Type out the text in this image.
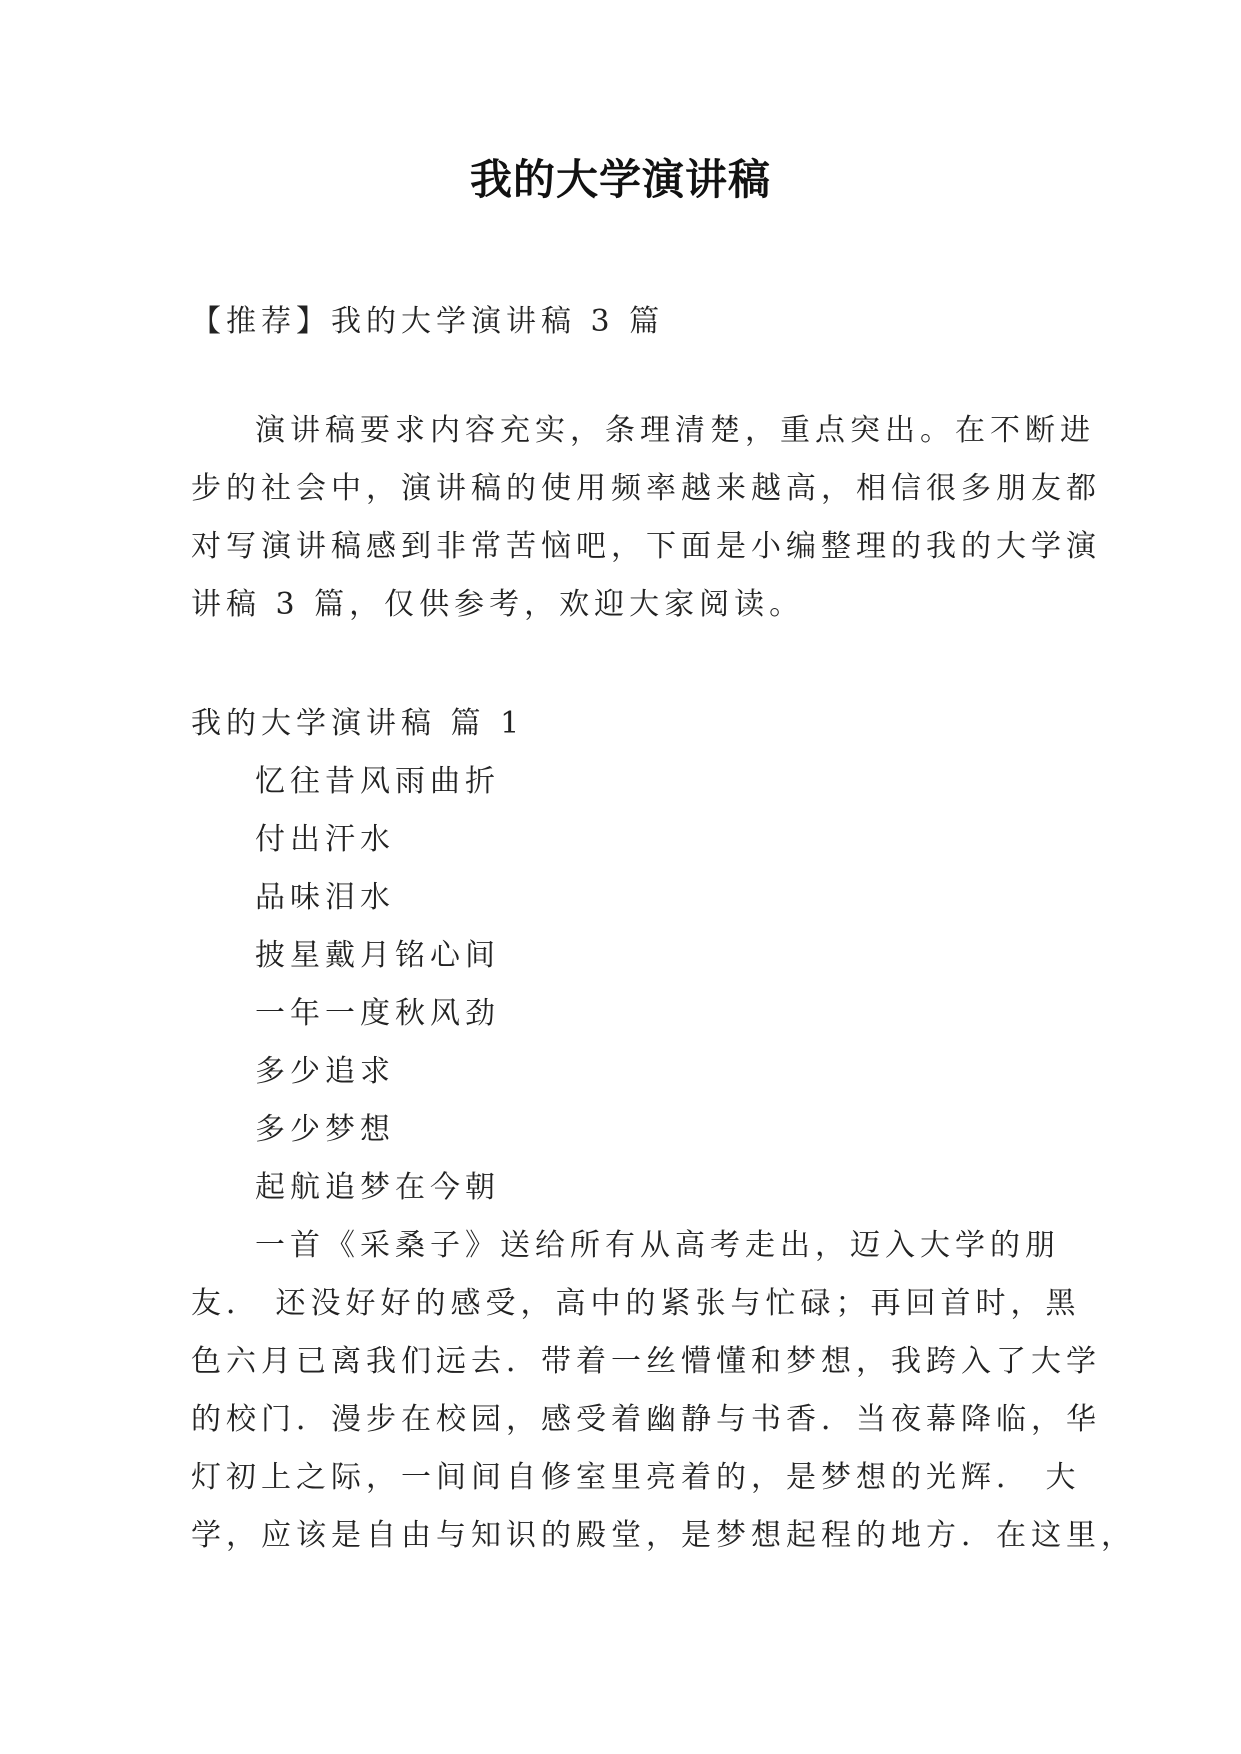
我的大学演讲稿
【推荐】我的大学演讲稿 3 篇
演讲稿要求内容充实，条理清楚，重点突出。在不断进
步的社会中，演讲稿的使用频率越来越高，相信很多朋友都
对写演讲稿感到非常苦恼吧，下面是小编整理的我的大学演
讲稿 3 篇，仅供参考，欢迎大家阅读。
我的大学演讲稿 篇 1
忆往昔风雨曲折
付出汗水
品味泪水
披星戴月铭心间
一年一度秋风劲
多少追求
多少梦想
起航追梦在今朝
一首《采桑子》送给所有从高考走出，迈入大学的朋
友． 还没好好的感受，高中的紧张与忙碌；再回首时，黑
色六月已离我们远去．带着一丝懵懂和梦想，我跨入了大学
的校门．漫步在校园，感受着幽静与书香．当夜幕降临，华
灯初上之际，一间间自修室里亮着的，是梦想的光辉． 大
学，应该是自由与知识的殿堂，是梦想起程的地方．在这里，
